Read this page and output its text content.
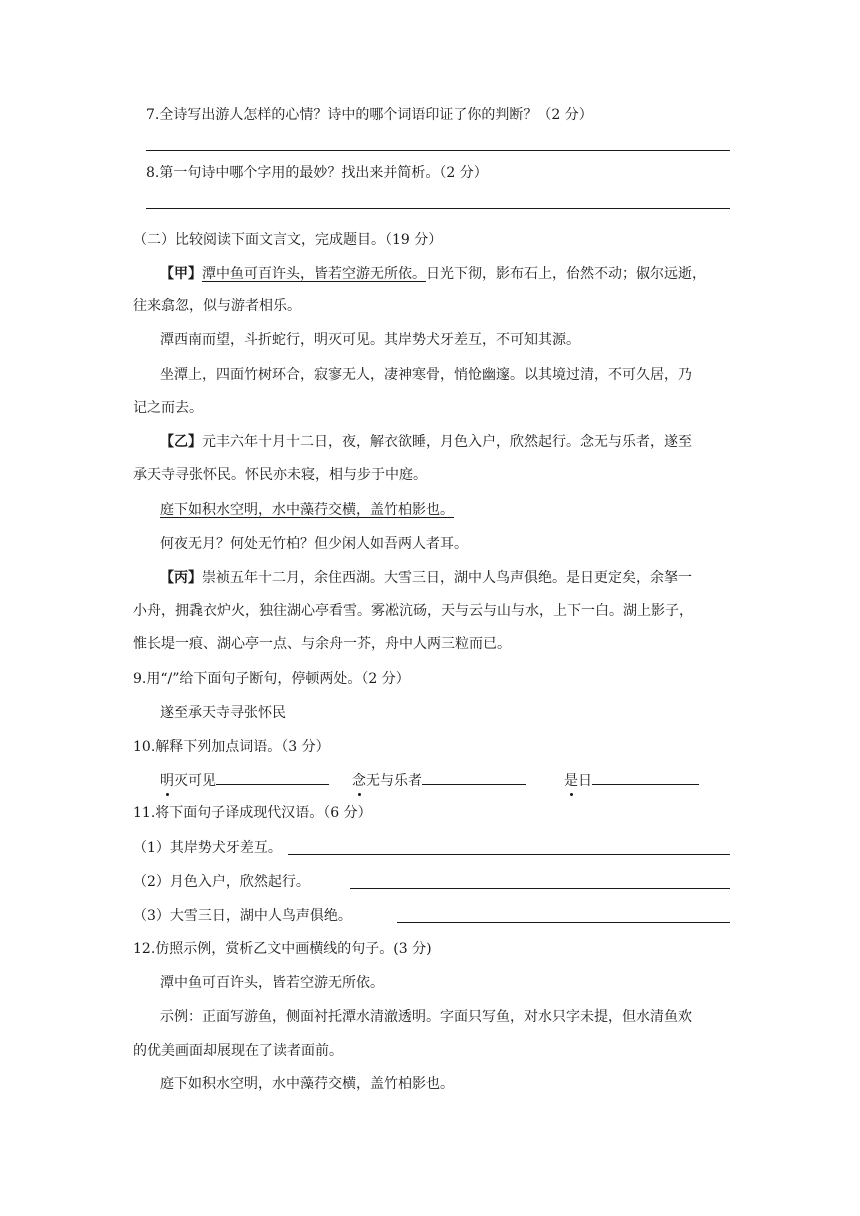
7.全诗写出游人怎样的心情？诗中的哪个词语印证了你的判断？（2 分）
8.第一句诗中哪个字用的最妙？找出来并简析。（2 分）
（二）比较阅读下面文言文，完成题目。（19 分）
【甲】潭中鱼可百许头，皆若空游无所依。日光下彻，影布石上，佁然不动；俶尔远逝，
往来翕忽，似与游者相乐。
潭西南而望，斗折蛇行，明灭可见。其岸势犬牙差互，不可知其源。
坐潭上，四面竹树环合，寂寥无人，凄神寒骨，悄怆幽邃。以其境过清，不可久居，乃
记之而去。
【乙】元丰六年十月十二日，夜，解衣欲睡，月色入户，欣然起行。念无与乐者，遂至
承天寺寻张怀民。怀民亦未寝，相与步于中庭。
庭下如积水空明，水中藻荇交横，盖竹柏影也。
何夜无月？何处无竹柏？但少闲人如吾两人者耳。
【丙】崇祯五年十二月，余住西湖。大雪三日，湖中人鸟声俱绝。是日更定矣，余拏一
小舟，拥毳衣炉火，独往湖心亭看雪。雾凇沆砀，天与云与山与水，上下一白。湖上影子，
惟长堤一痕、湖心亭一点、与余舟一芥，舟中人两三粒而已。
9.用“/”给下面句子断句，停顿两处。（2 分）
遂至承天寺寻张怀民
10.解释下列加点词语。（3 分）
明灭可见	念无与乐者	是日
11.将下面句子译成现代汉语。（6 分）
（1）其岸势犬牙差互。
（2）月色入户，欣然起行。
（3）大雪三日，湖中人鸟声俱绝。
12.仿照示例，赏析乙文中画横线的句子。(3 分)
潭中鱼可百许头，皆若空游无所依。
示例：正面写游鱼，侧面衬托潭水清澈透明。字面只写鱼，对水只字未提，但水清鱼欢
的优美画面却展现在了读者面前。
庭下如积水空明，水中藻荇交横，盖竹柏影也。
